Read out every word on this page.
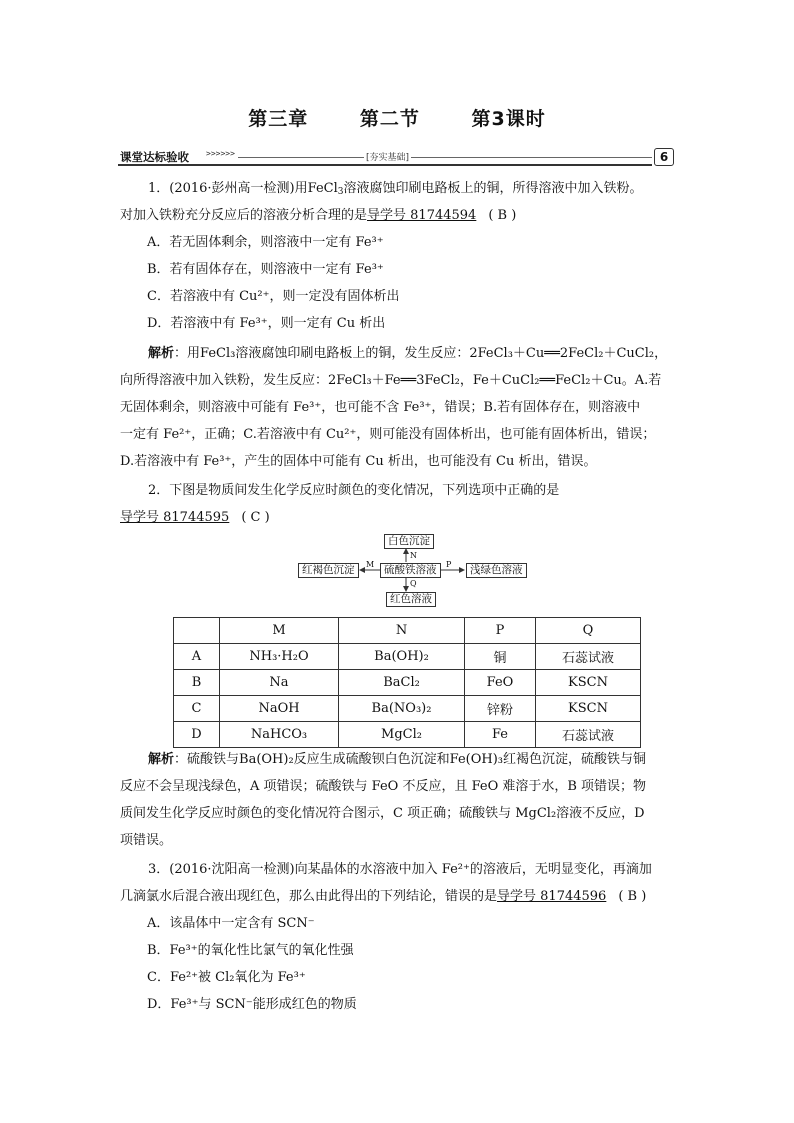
第三章	第二节	第3课时
课堂达标验收 >>>>>>	[夯实基础]	6
1．(2016·彭州高一检测)用FeCl$_3$溶液腐蚀印刷电路板上的铜，所得溶液中加入铁粉。
对加入铁粉充分反应后的溶液分析合理的是导学号 81744594 ( B )
A．若无固体剩余，则溶液中一定有 Fe³⁺
B．若有固体存在，则溶液中一定有 Fe³⁺
C．若溶液中有 Cu²⁺，则一定没有固体析出
D．若溶液中有 Fe³⁺，则一定有 Cu 析出
解析：用FeCl₃溶液腐蚀印刷电路板上的铜，发生反应：2FeCl₃＋Cu══2FeCl₂＋CuCl₂，
向所得溶液中加入铁粉，发生反应：2FeCl₃＋Fe══3FeCl₂，Fe＋CuCl₂══FeCl₂＋Cu。A.若
无固体剩余，则溶液中可能有 Fe³⁺，也可能不含 Fe³⁺，错误；B.若有固体存在，则溶液中
一定有 Fe²⁺，正确；C.若溶液中有 Cu²⁺，则可能没有固体析出，也可能有固体析出，错误；
D.若溶液中有 Fe³⁺，产生的固体中可能有 Cu 析出，也可能没有 Cu 析出，错误。
2．下图是物质间发生化学反应时颜色的变化情况，下列选项中正确的是
导学号 81744595 ( C )
白色沉淀
硫酸铁溶液
红褐色沉淀	浅绿色溶液
红色溶液
N
M	P
Q
	M	N	P	Q
A	NH₃·H₂O	Ba(OH)₂	铜	石蕊试液
B	Na	BaCl₂	FeO	KSCN
C	NaOH	Ba(NO₃)₂	锌粉	KSCN
D	NaHCO₃	MgCl₂	Fe	石蕊试液
解析：硫酸铁与Ba(OH)₂反应生成硫酸钡白色沉淀和Fe(OH)₃红褐色沉淀，硫酸铁与铜
反应不会呈现浅绿色，A 项错误；硫酸铁与 FeO 不反应，且 FeO 难溶于水，B 项错误；物
质间发生化学反应时颜色的变化情况符合图示，C 项正确；硫酸铁与 MgCl₂溶液不反应，D
项错误。
3．(2016·沈阳高一检测)向某晶体的水溶液中加入 Fe²⁺的溶液后，无明显变化，再滴加
几滴氯水后混合液出现红色，那么由此得出的下列结论，错误的是导学号 81744596 ( B )
A．该晶体中一定含有 SCN⁻
B．Fe³⁺的氧化性比氯气的氧化性强
C．Fe²⁺被 Cl₂氧化为 Fe³⁺
D．Fe³⁺与 SCN⁻能形成红色的物质
